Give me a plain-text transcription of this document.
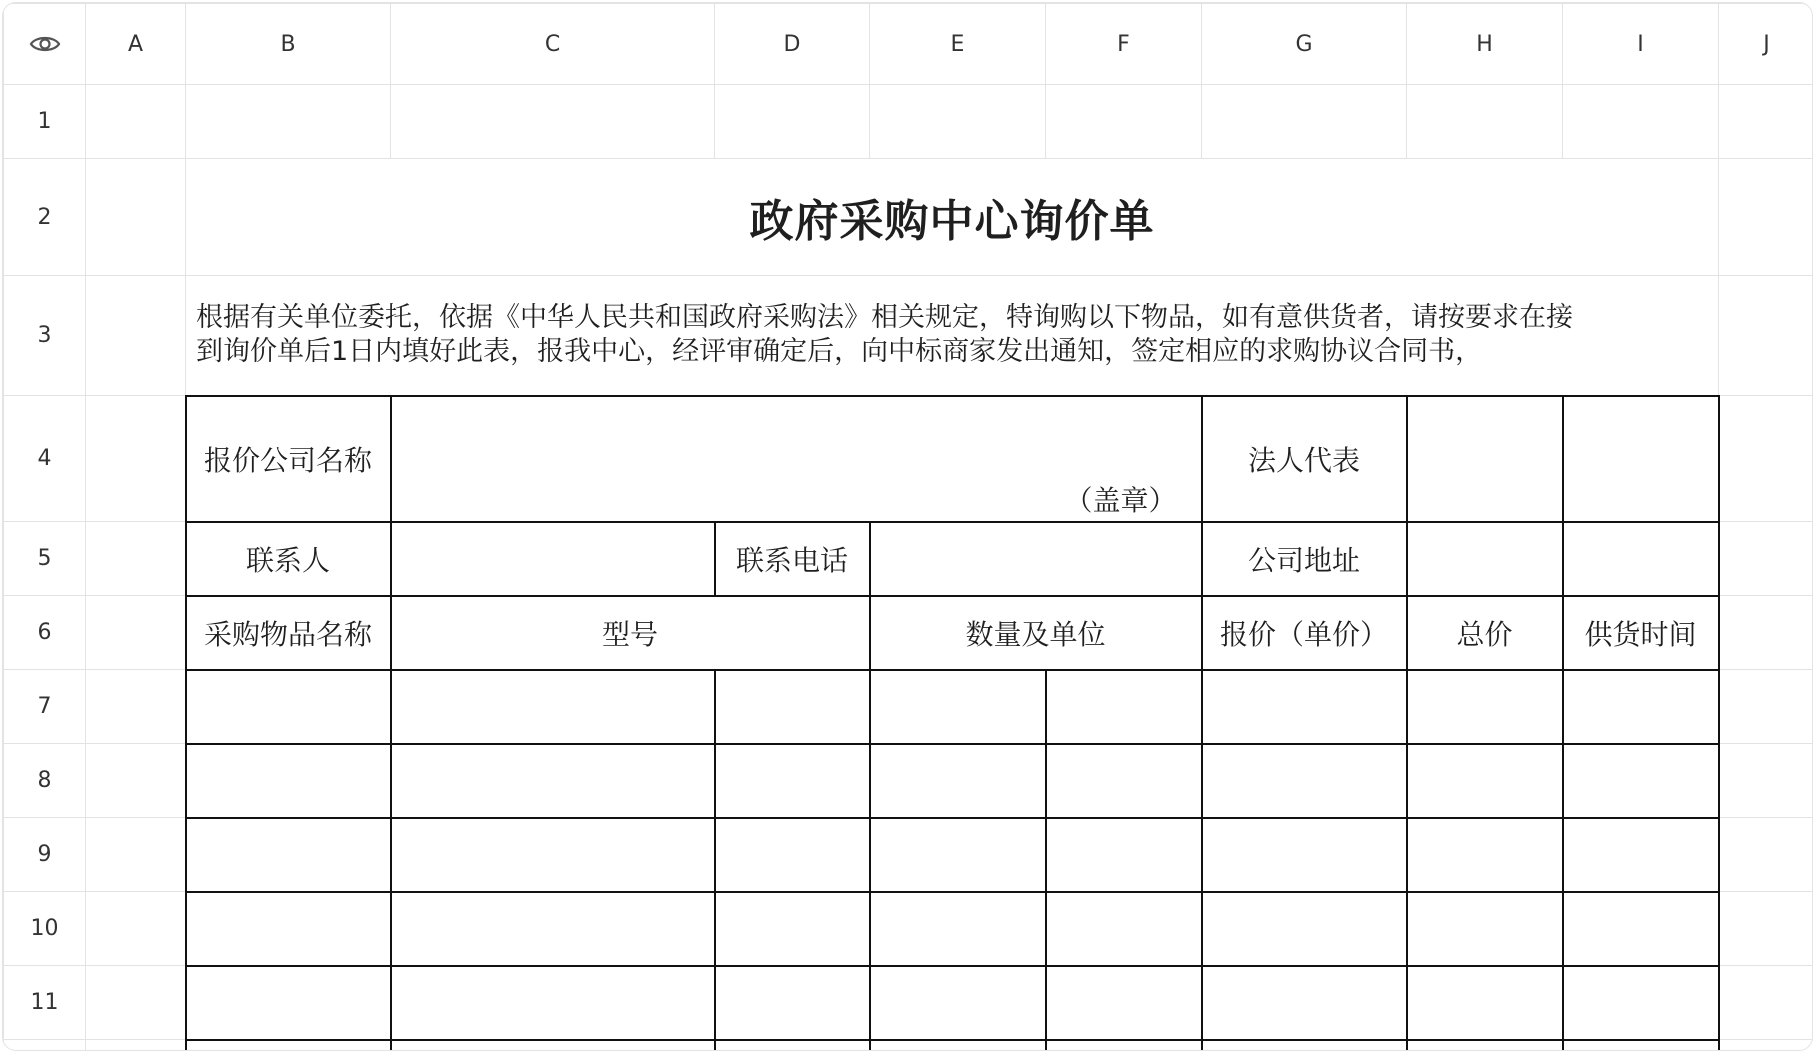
	A	B	C	D	E	F	G	H	I	J
1										
2		政府采购中心询价单								
3		根据有关单位委托，依据《中华人民共和国政府采购法》相关规定，特询购以下物品，如有意供货者，请按要求在接
到询价单后1日内填好此表，报我中心，经评审确定后，向中标商家发出通知，签定相应的求购协议合同书，								

4		报价公司名称	（盖章）				法人代表			
5		联系人		联系电话			公司地址			
6		采购物品名称	型号		数量及单位		报价（单价）	总价	供货时间	
7										
8										
9										
10										
11										
